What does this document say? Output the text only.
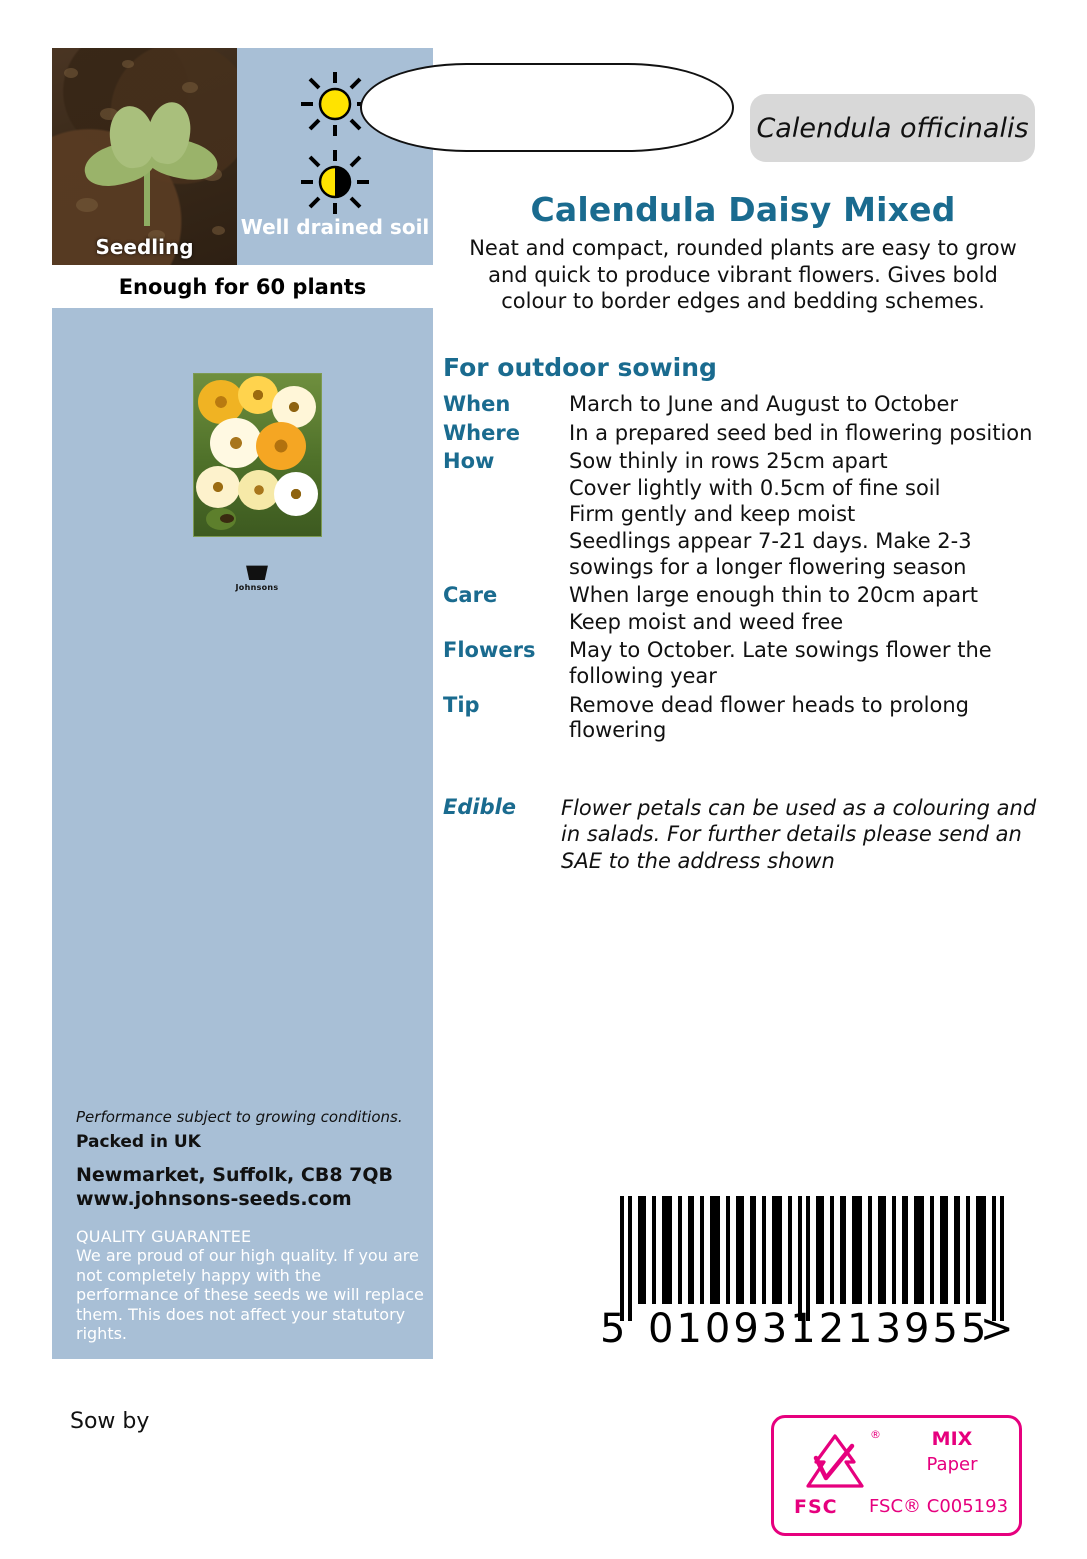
Seedling
Well drained soil
Enough for 60 plants
Johnsons
Performance subject to growing conditions.
Packed in UK
Newmarket, Suffolk, CB8 7QB
www.johnsons-seeds.com
QUALITY GUARANTEE
We are proud of our high quality. If you are not completely happy with the performance of these seeds we will replace them. This does not affect your statutory rights.
Calendula officinalis
Calendula Daisy Mixed
Neat and compact, rounded plants are easy to grow and quick to produce vibrant flowers. Gives bold colour to border edges and bedding schemes.
For outdoor sowing
When	March to June and August to October

Where	In a prepared seed bed in flowering position

How	Sow thinly in rows 25cm apart
Cover lightly with 0.5cm of fine soil
Firm gently and keep moist
Seedlings appear 7-21 days. Make 2-3 sowings for a longer flowering season

Care	When large enough thin to 20cm apart
Keep moist and weed free

Flowers	May to October. Late sowings flower the following year

Tip	Remove dead flower heads to prolong flowering
Edible	Flower petals can be used as a colouring and in salads. For further details please send an SAE to the address shown
5 010931213955
>
Sow by
®
FSC
MIX
Paper
FSC® C005193
